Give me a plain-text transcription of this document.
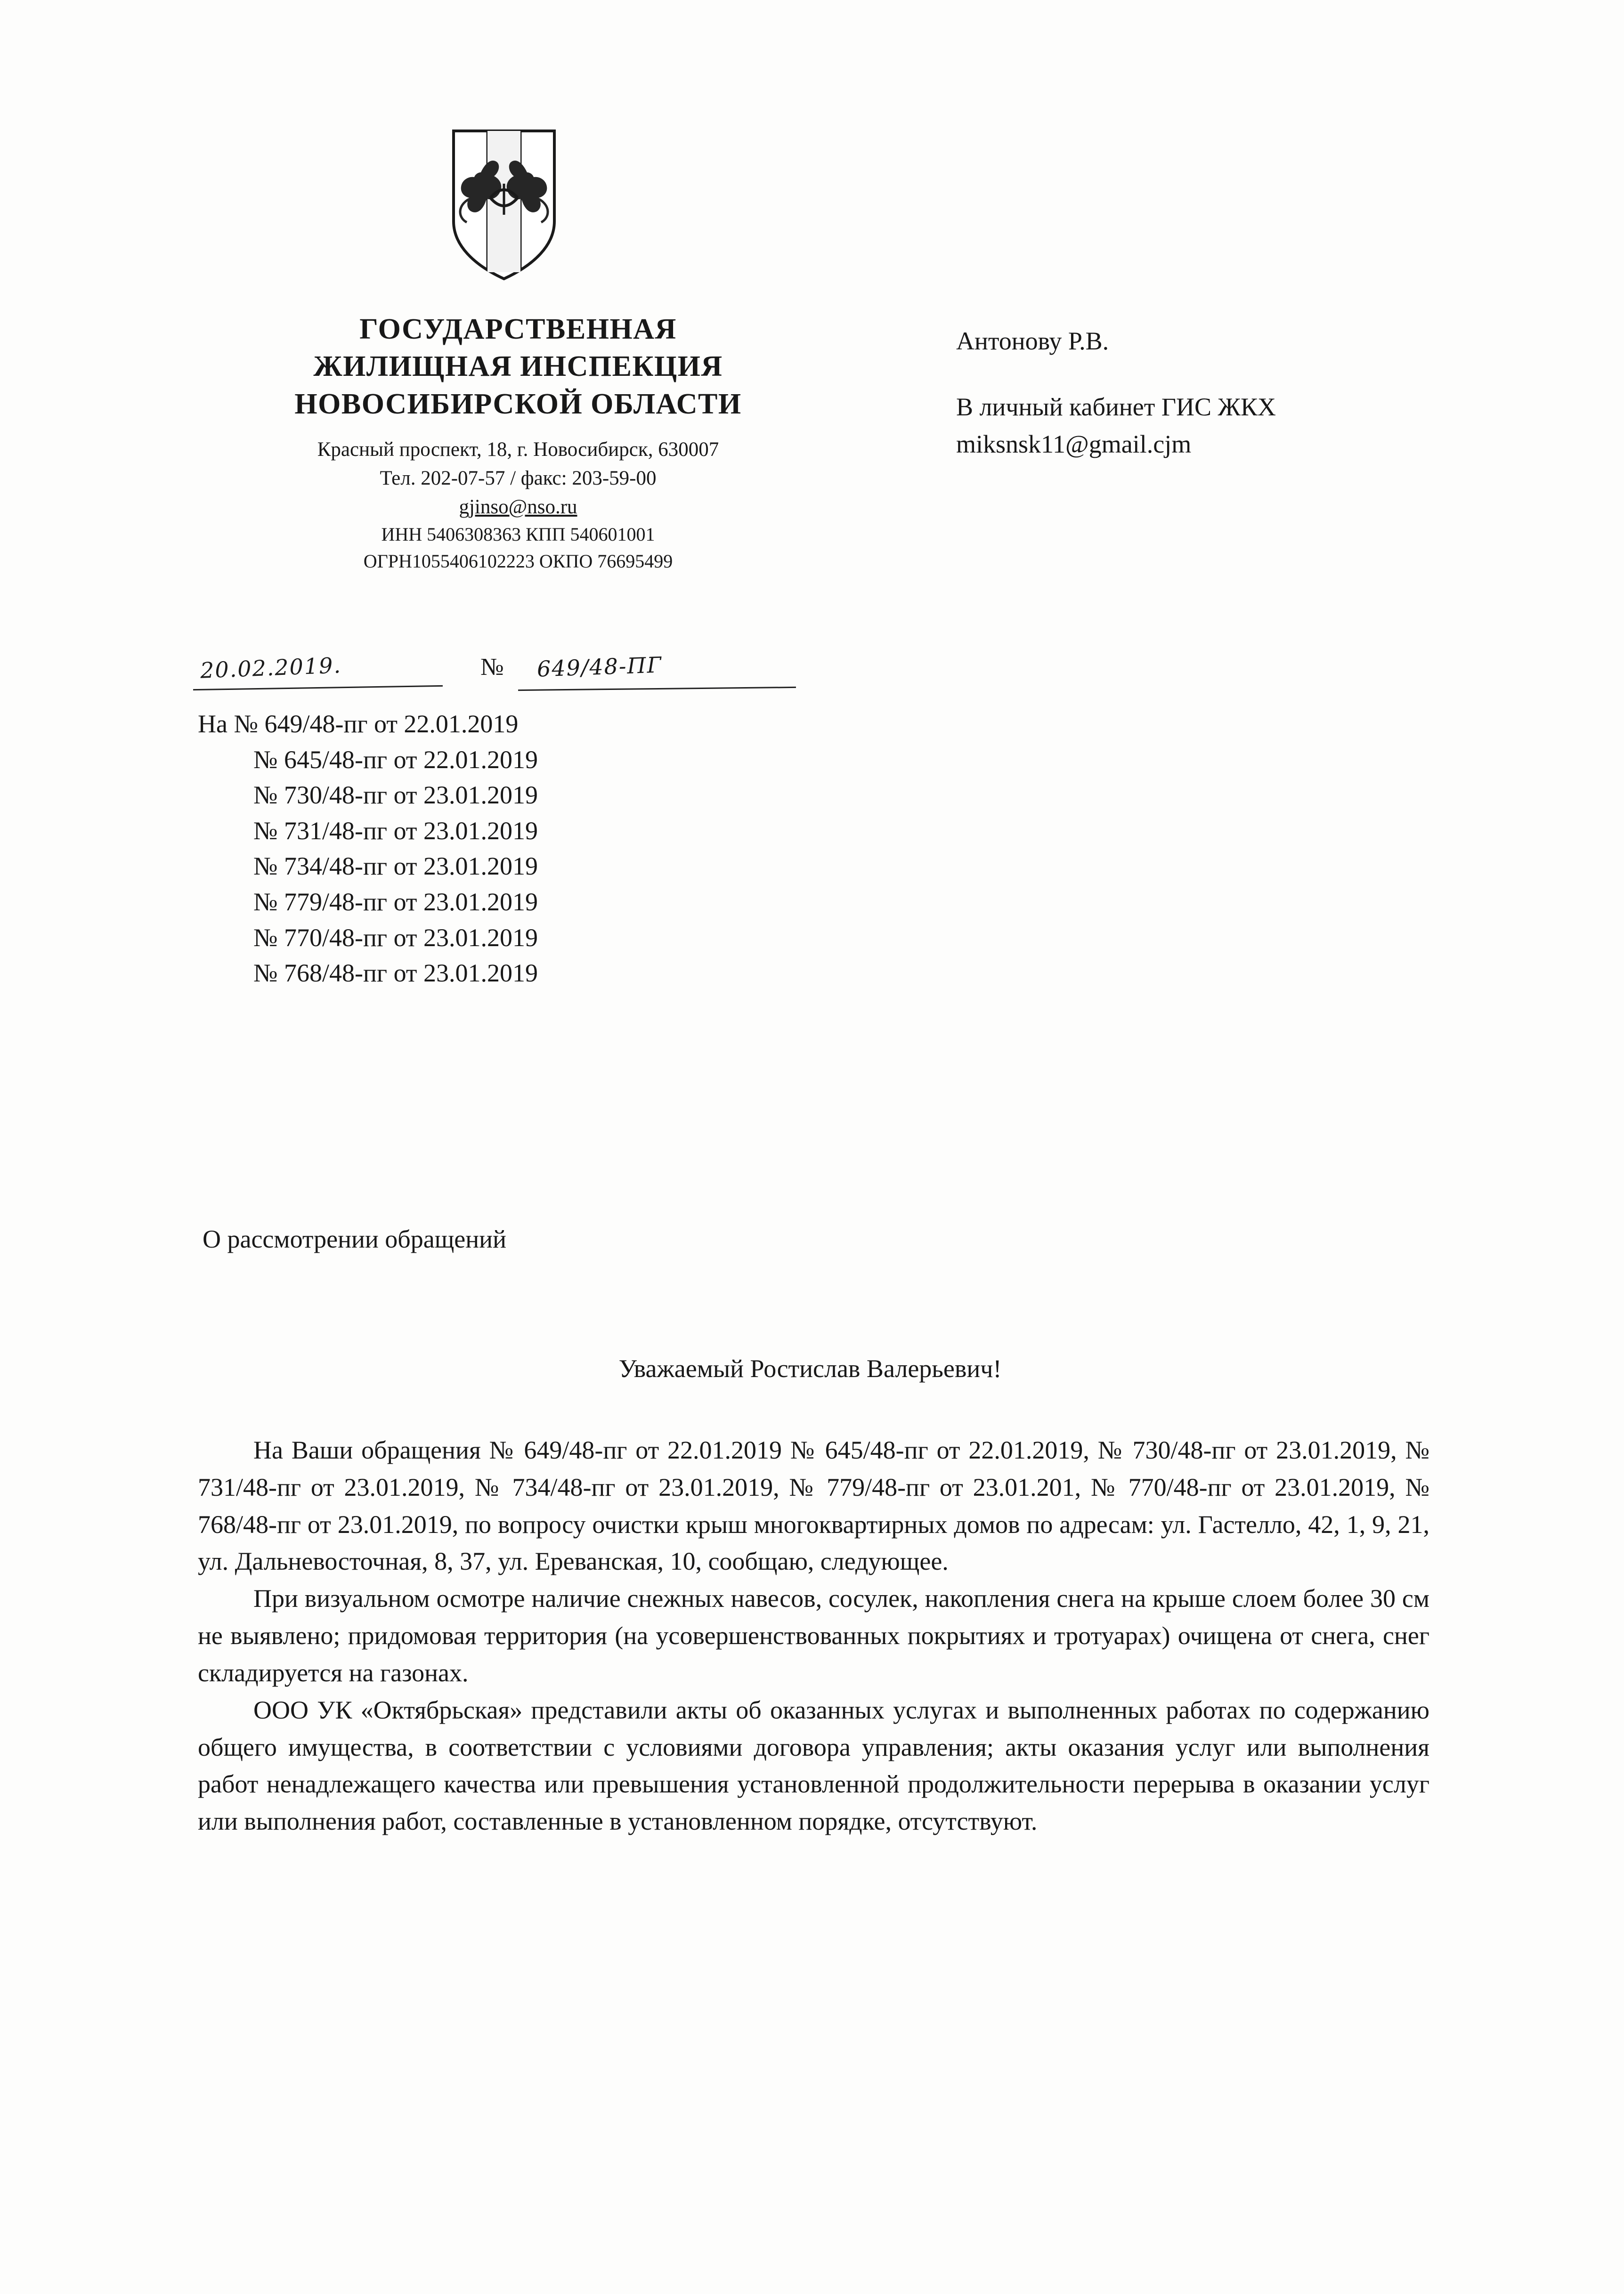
ГОСУДАРСТВЕННАЯ
ЖИЛИЩНАЯ ИНСПЕКЦИЯ
НОВОСИБИРСКОЙ ОБЛАСТИ
Красный проспект, 18, г. Новосибирск, 630007
Тел. 202-07-57 / факс: 203-59-00
gjinso@nso.ru
ИНН 5406308363 КПП 540601001
ОГРН1055406102223 ОКПО 76695499
20.02.2019.	№ 649/48-ПГ
На № 649/48-пг от 22.01.2019
№ 645/48-пг от 22.01.2019
№ 730/48-пг от 23.01.2019
№ 731/48-пг от 23.01.2019
№ 734/48-пг от 23.01.2019
№ 779/48-пг от 23.01.2019
№ 770/48-пг от 23.01.2019
№ 768/48-пг от 23.01.2019
Антонову Р.В.
В личный кабинет ГИС ЖКХ
miksnsk11@gmail.cjm
О рассмотрении обращений
Уважаемый Ростислав Валерьевич!

На Ваши обращения № 649/48-пг от 22.01.2019 № 645/48-пг от 22.01.2019, № 730/48-пг от 23.01.2019, № 731/48-пг от 23.01.2019, № 734/48-пг от 23.01.2019, № 779/48-пг от 23.01.201, № 770/48-пг от 23.01.2019, № 768/48-пг от 23.01.2019, по вопросу очистки крыш многоквартирных домов по адресам: ул. Гастелло, 42, 1, 9, 21, ул. Дальневосточная, 8, 37, ул. Ереванская, 10, сообщаю, следующее.

При визуальном осмотре наличие снежных навесов, сосулек, накопления снега на крыше слоем более 30 см не выявлено; придомовая территория (на усовершенствованных покрытиях и тротуарах) очищена от снега, снег складируется на газонах.

ООО УК «Октябрьская» представили акты об оказанных услугах и выполненных работах по содержанию общего имущества, в соответствии с условиями договора управления; акты оказания услуг или выполнения работ ненадлежащего качества или превышения установленной продолжительности перерыва в оказании услуг или выполнения работ, составленные в установленном порядке, отсутствуют.
